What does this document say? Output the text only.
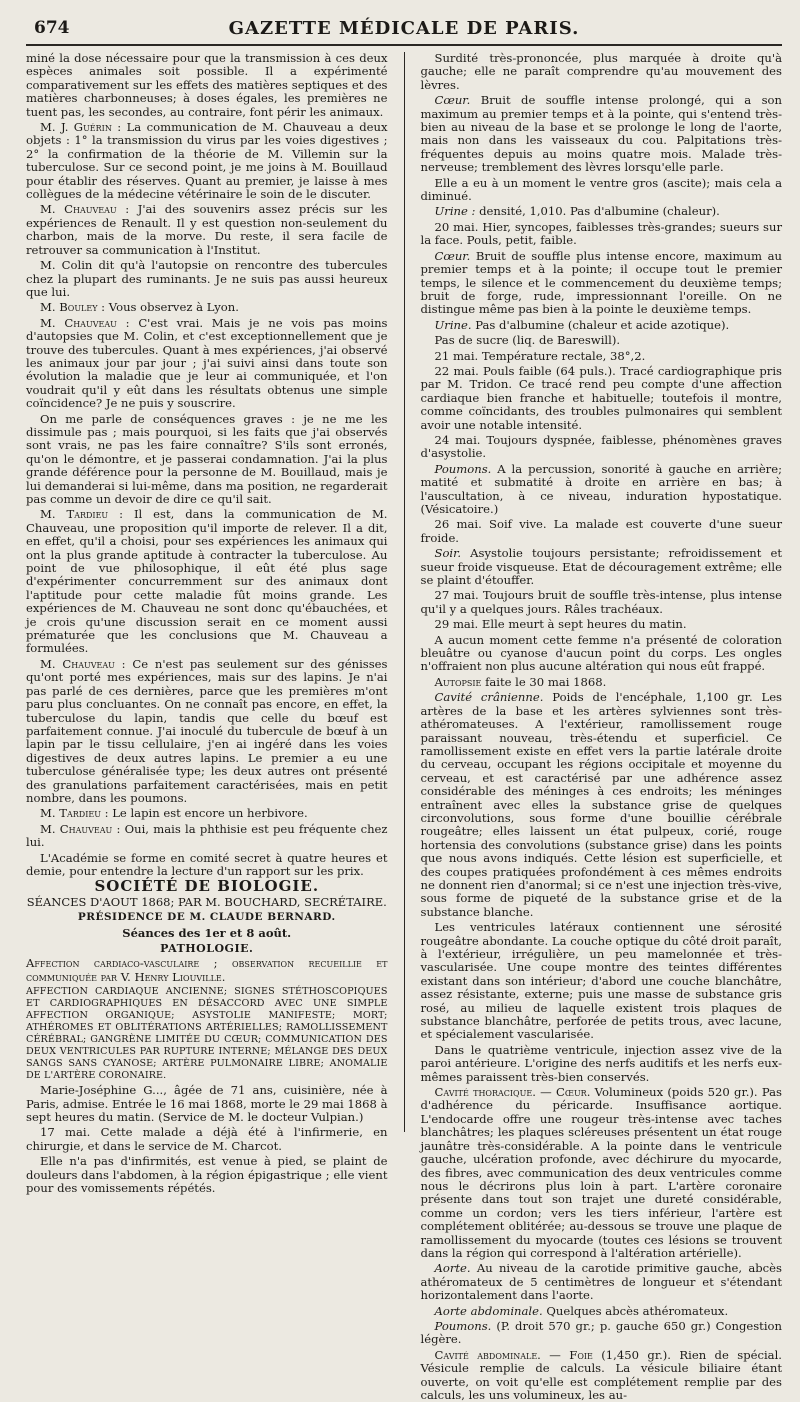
674	GAZETTE MÉDICALE DE PARIS.

miné la dose nécessaire pour que la transmission à ces deux espèces animales soit possible. Il a expérimenté comparativement sur les effets des matières septiques et des matières charbonneuses; à doses égales, les premières ne tuent pas, les secondes, au contraire, font périr les animaux.

M. J. Guérin : La communication de M. Chauveau a deux objets : 1° la transmission du virus par les voies digestives ; 2° la confirmation de la théorie de M. Villemin sur la tuberculose. Sur ce second point, je me joins à M. Bouillaud pour établir des réserves. Quant au premier, je laisse à mes collègues de la médecine vétérinaire le soin de le discuter.

M. Chauveau : J'ai des souvenirs assez précis sur les expériences de Renault. Il y est question non-seulement du charbon, mais de la morve. Du reste, il sera facile de retrouver sa communication à l'Institut.

M. Colin dit qu'à l'autopsie on rencontre des tubercules chez la plupart des ruminants. Je ne suis pas aussi heureux que lui.

M. Bouley : Vous observez à Lyon.

M. Chauveau : C'est vrai. Mais je ne vois pas moins d'autopsies que M. Colin, et c'est exceptionnellement que je trouve des tubercules. Quant à mes expériences, j'ai observé les animaux jour par jour ; j'ai suivi ainsi dans toute son évolution la maladie que je leur ai communiquée, et l'on voudrait qu'il y eût dans les résultats obtenus une simple coïncidence? Je ne puis y souscrire.

On me parle de conséquences graves : je ne me les dissimule pas ; mais pourquoi, si les faits que j'ai observés sont vrais, ne pas les faire connaître? S'ils sont erronés, qu'on le démontre, et je passerai condamnation. J'ai la plus grande déférence pour la personne de M. Bouillaud, mais je lui demanderai si lui-même, dans ma position, ne regarderait pas comme un devoir de dire ce qu'il sait.

M. Tardieu : Il est, dans la communication de M. Chauveau, une proposition qu'il importe de relever. Il a dit, en effet, qu'il a choisi, pour ses expériences les animaux qui ont la plus grande aptitude à contracter la tuberculose. Au point de vue philosophique, il eût été plus sage d'expérimenter concurremment sur des animaux dont l'aptitude pour cette maladie fût moins grande. Les expériences de M. Chauveau ne sont donc qu'ébauchées, et je crois qu'une discussion serait en ce moment aussi prématurée que les conclusions que M. Chauveau a formulées.

M. Chauveau : Ce n'est pas seulement sur des génisses qu'ont porté mes expériences, mais sur des lapins. Je n'ai pas parlé de ces dernières, parce que les premières m'ont paru plus concluantes. On ne connaît pas encore, en effet, la tuberculose du lapin, tandis que celle du bœuf est parfaitement connue. J'ai inoculé du tubercule de bœuf à un lapin par le tissu cellulaire, j'en ai ingéré dans les voies digestives de deux autres lapins. Le premier a eu une tuberculose généralisée type; les deux autres ont présenté des granulations parfaitement caractérisées, mais en petit nombre, dans les poumons.

M. Tardieu : Le lapin est encore un herbivore.

M. Chauveau : Oui, mais la phthisie est peu fréquente chez lui.

L'Académie se forme en comité secret à quatre heures et demie, pour entendre la lecture d'un rapport sur les prix.

SOCIÉTÉ DE BIOLOGIE.

SÉANCES D'AOUT 1868; PAR M. BOUCHARD, SECRÉTAIRE.

PRÉSIDENCE DE M. CLAUDE BERNARD.

Séances des 1er et 8 août.

PATHOLOGIE.

Affection cardiaco-vasculaire ; observation recueillie et communiquée par V. Henry Liouville.

AFFECTION CARDIAQUE ANCIENNE; SIGNES STÉTHOSCOPIQUES ET CARDIOGRAPHIQUES EN DÉSACCORD AVEC UNE SIMPLE AFFECTION ORGANIQUE; ASYSTOLIE MANIFESTE; MORT; ATHÉROMES ET OBLITÉRATIONS ARTÉRIELLES; RAMOLLISSEMENT CÉRÉBRAL; GANGRÈNE LIMITÉE DU CŒUR; COMMUNICATION DES DEUX VENTRICULES PAR RUPTURE INTERNE; MÉLANGE DES DEUX SANGS SANS CYANOSE; ARTÈRE PULMONAIRE LIBRE; ANOMALIE DE L'ARTÈRE CORONAIRE.

Marie-Joséphine G..., âgée de 71 ans, cuisinière, née à Paris, admise. Entrée le 16 mai 1868, morte le 29 mai 1868 à sept heures du matin. (Service de M. le docteur Vulpian.)

17 mai. Cette malade a déjà été à l'infirmerie, en chirurgie, et dans le service de M. Charcot.

Elle n'a pas d'infirmités, est venue à pied, se plaint de douleurs dans l'abdomen, à la région épigastrique ; elle vient pour des vomissements répétés.

Surdité très-prononcée, plus marquée à droite qu'à gauche; elle ne paraît comprendre qu'au mouvement des lèvres.

Cœur. Bruit de souffle intense prolongé, qui a son maximum au premier temps et à la pointe, qui s'entend très-bien au niveau de la base et se prolonge le long de l'aorte, mais non dans les vaisseaux du cou. Palpitations très-fréquentes depuis au moins quatre mois. Malade très-nerveuse; tremblement des lèvres lorsqu'elle parle.

Elle a eu à un moment le ventre gros (ascite); mais cela a diminué.

Urine : densité, 1,010. Pas d'albumine (chaleur).

20 mai. Hier, syncopes, faiblesses très-grandes; sueurs sur la face. Pouls, petit, faible.

Cœur. Bruit de souffle plus intense encore, maximum au premier temps et à la pointe; il occupe tout le premier temps, le silence et le commencement du deuxième temps; bruit de forge, rude, impressionnant l'oreille. On ne distingue même pas bien à la pointe le deuxième temps.

Urine. Pas d'albumine (chaleur et acide azotique).

Pas de sucre (liq. de Bareswill).

21 mai. Température rectale, 38°,2.

22 mai. Pouls faible (64 puls.). Tracé cardiographique pris par M. Tridon. Ce tracé rend peu compte d'une affection cardiaque bien franche et habituelle; toutefois il montre, comme coïncidants, des troubles pulmonaires qui semblent avoir une notable intensité.

24 mai. Toujours dyspnée, faiblesse, phénomènes graves d'asystolie.

Poumons. A la percussion, sonorité à gauche en arrière; matité et submatité à droite en arrière en bas; à l'auscultation, à ce niveau, induration hypostatique. (Vésicatoire.)

26 mai. Soif vive. La malade est couverte d'une sueur froide.

Soir. Asystolie toujours persistante; refroidissement et sueur froide visqueuse. Etat de découragement extrême; elle se plaint d'étouffer.

27 mai. Toujours bruit de souffle très-intense, plus intense qu'il y a quelques jours. Râles trachéaux.

29 mai. Elle meurt à sept heures du matin.

A aucun moment cette femme n'a présenté de coloration bleuâtre ou cyanose d'aucun point du corps. Les ongles n'offraient non plus aucune altération qui nous eût frappé.

Autopsie faite le 30 mai 1868.

Cavité crânienne. Poids de l'encéphale, 1,100 gr. Les artères de la base et les artères sylviennes sont très-athéromateuses. A l'extérieur, ramollissement rouge paraissant nouveau, très-étendu et superficiel. Ce ramollissement existe en effet vers la partie latérale droite du cerveau, occupant les régions occipitale et moyenne du cerveau, et est caractérisé par une adhérence assez considérable des méninges à ces endroits; les méninges entraînent avec elles la substance grise de quelques circonvolutions, sous forme d'une bouillie cérébrale rougeâtre; elles laissent un état pulpeux, corié, rouge hortensia des convolutions (substance grise) dans les points que nous avons indiqués. Cette lésion est superficielle, et des coupes pratiquées profondément à ces mêmes endroits ne donnent rien d'anormal; si ce n'est une injection très-vive, sous forme de piqueté de la substance grise et de la substance blanche.

Les ventricules latéraux contiennent une sérosité rougeâtre abondante. La couche optique du côté droit paraît, à l'extérieur, irrégulière, un peu mamelonnée et très-vascularisée. Une coupe montre des teintes différentes existant dans son intérieur; d'abord une couche blanchâtre, assez résistante, externe; puis une masse de substance gris rosé, au milieu de laquelle existent trois plaques de substance blanchâtre, perforée de petits trous, avec lacune, et spécialement vascularisée.

Dans le quatrième ventricule, injection assez vive de la paroi antérieure. L'origine des nerfs auditifs et les nerfs eux-mêmes paraissent très-bien conservés.

Cavité thoracique. — Cœur. Volumineux (poids 520 gr.). Pas d'adhérence du péricarde. Insuffisance aortique. L'endocarde offre une rougeur très-intense avec taches blanchâtres; les plaques scléreuses présentent un état rouge jaunâtre très-considérable. A la pointe dans le ventricule gauche, ulcération profonde, avec déchirure du myocarde, des fibres, avec communication des deux ventricules comme nous le décrirons plus loin à part. L'artère coronaire présente dans tout son trajet une dureté considérable, comme un cordon; vers les tiers inférieur, l'artère est complétement oblitérée; au-dessous se trouve une plaque de ramollissement du myocarde (toutes ces lésions se trouvent dans la région qui correspond à l'altération artérielle).

Aorte. Au niveau de la carotide primitive gauche, abcès athéromateux de 5 centimètres de longueur et s'étendant horizontalement dans l'aorte.

Aorte abdominale. Quelques abcès athéromateux.

Poumons. (P. droit 570 gr.; p. gauche 650 gr.) Congestion légère.

Cavité abdominale. — Foie (1,450 gr.). Rien de spécial. Vésicule remplie de calculs. La vésicule biliaire étant ouverte, on voit qu'elle est complétement remplie par des calculs, les uns volumineux, les au-
